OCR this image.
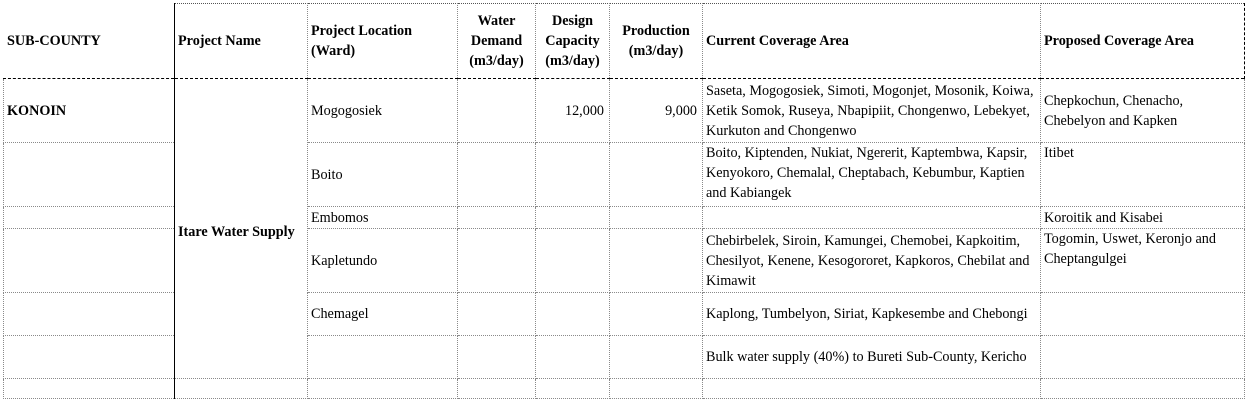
SUB-COUNTY	Project Name	Project Location (Ward)	Water Demand (m3/day)	Design Capacity (m3/day)	Production (m3/day)	Current Coverage Area	Proposed Coverage Area
KONOIN	Itare Water Supply	Mogogosiek		12,000	9,000	Saseta, Mogogosiek, Simoti, Mogonjet, Mosonik, Koiwa, Ketik Somok, Ruseya, Nbapipiit, Chongenwo, Lebekyet, Kurkuton and Chongenwo	Chepkochun, Chenacho, Chebelyon and Kapken
		Boito				Boito, Kiptenden, Nukiat, Ngererit, Kaptembwa, Kapsir, Kenyokoro, Chemalal, Cheptabach, Kebumbur, Kaptien and Kabiangek	Itibet
		Embomos					Koroitik and Kisabei
		Kapletundo				Chebirbelek, Siroin, Kamungei, Chemobei, Kapkoitim, Chesilyot, Kenene, Kesogororet, Kapkoros, Chebilat and Kimawit	Togomin, Uswet, Keronjo and Cheptangulgei
		Chemagel				Kaplong, Tumbelyon, Siriat, Kapkesembe and Chebongi	
						Bulk water supply (40%) to Bureti Sub-County, Kericho	
